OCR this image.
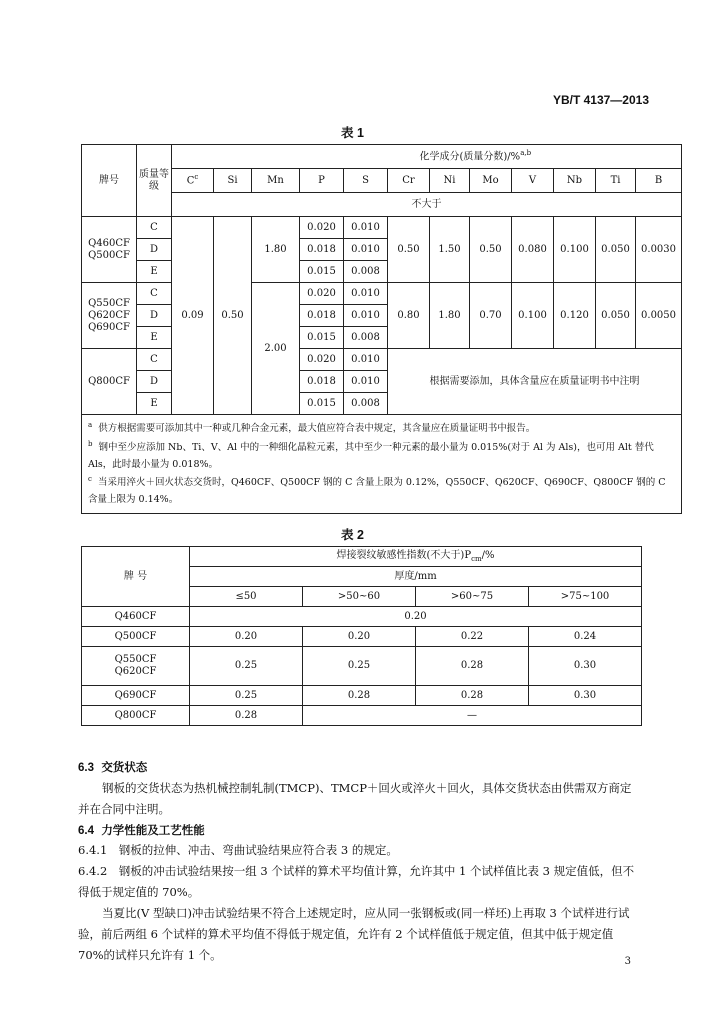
YB/T 4137—2013
表 1
牌号	质量等级	化学成分(质量分数)/%$^{a,b}$
		$C^c$	Si	Mn	P	S	Cr	Ni	Mo	V	Nb	Ti	B
		不大于											

Q460CF
Q500CF	C	0.09	0.50	1.80	0.020	0.010	0.50	1.50	0.50	0.080	0.100	0.050	0.0030
	D				0.018	0.010							
	E				0.015	0.008							

Q550CF
Q620CF
Q690CF	C			2.00	0.020	0.010	0.80	1.80	0.70	0.100	0.120	0.050	0.0050
	D				0.018	0.010							
	E				0.015	0.008							
Q800CF	C				0.020	0.010	根据需要添加，具体含量应在质量证明书中注明						
	D				0.018	0.010							
	E				0.015	0.008							

$^a$ 供方根据需要可添加其中一种或几种合金元素，最大值应符合表中规定，其含量应在质量证明书中报告。

$^b$ 钢中至少应添加 Nb、Ti、V、Al 中的一种细化晶粒元素，其中至少一种元素的最小量为 0.015%(对于 Al 为 Als)，也可用 Alt 替代 Als，此时最小量为 0.018%。

$^c$ 当采用淬火＋回火状态交货时，Q460CF、Q500CF 钢的 C 含量上限为 0.12%，Q550CF、Q620CF、Q690CF、Q800CF 钢的 C 含量上限为 0.14%。													

表 2
牌 号	焊接裂纹敏感性指数(不大于)$P_{cm}/\%$			
	厚度/mm			
	≤50	>50~60	>60~75	>75~100
Q460CF	0.20			
Q500CF	0.20	0.20	0.22	0.24

Q550CF
Q620CF	0.25	0.25	0.28	0.30
Q690CF	0.25	0.28	0.28	0.30
Q800CF	0.28	—		
6.3 交货状态
钢板的交货状态为热机械控制轧制(TMCP)、TMCP＋回火或淬火＋回火，具体交货状态由供需双方商定并在合同中注明。
6.4 力学性能及工艺性能
6.4.1　钢板的拉伸、冲击、弯曲试验结果应符合表 3 的规定。
6.4.2　钢板的冲击试验结果按一组 3 个试样的算术平均值计算，允许其中 1 个试样值比表 3 规定值低，但不得低于规定值的 70%。
当夏比(V 型缺口)冲击试验结果不符合上述规定时，应从同一张钢板或(同一样坯)上再取 3 个试样进行试验，前后两组 6 个试样的算术平均值不得低于规定值，允许有 2 个试样值低于规定值，但其中低于规定值 70%的试样只允许有 1 个。	3
